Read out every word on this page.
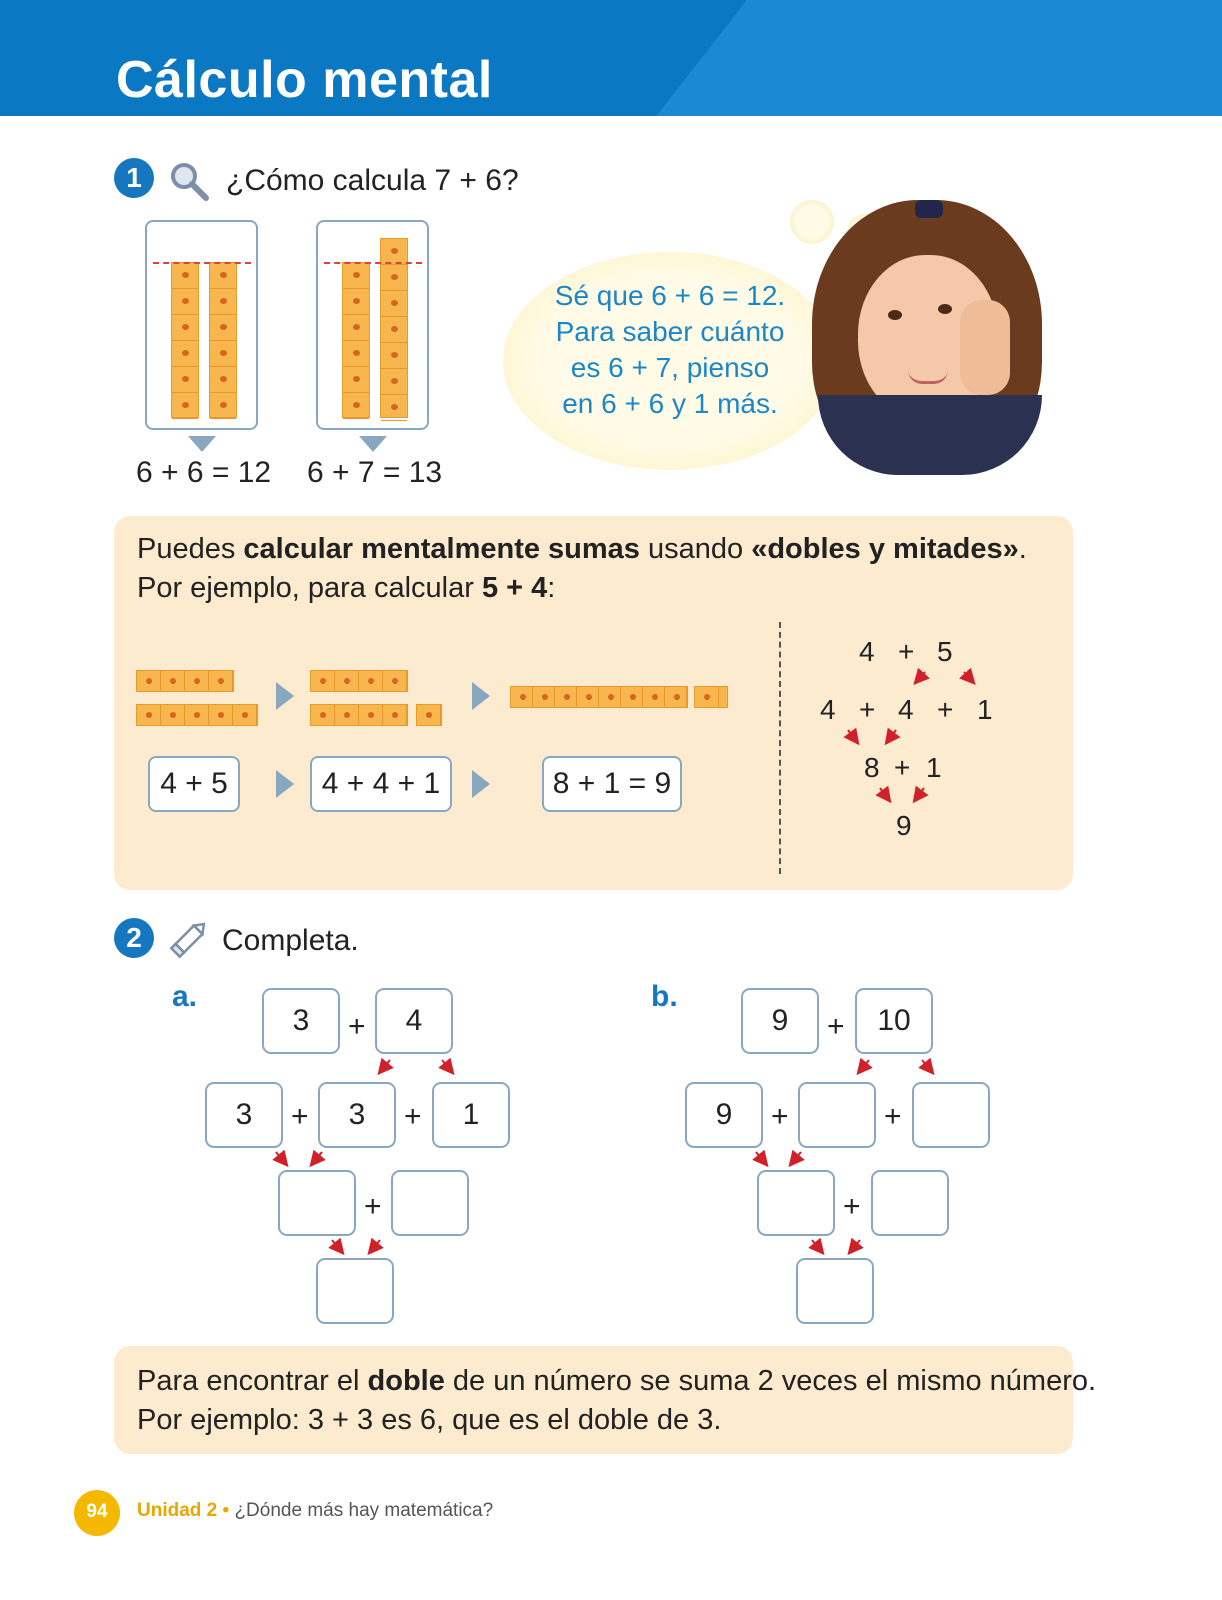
Cálculo mental
1	¿Cómo calcula 7 + 6?
6 + 6 = 12 6 + 7 = 13
Sé que 6 + 6 = 12.
Para saber cuánto
es 6 + 7, pienso
en 6 + 6 y 1 más.
Puedes calcular mentalmente sumas usando «dobles y mitades».
Por ejemplo, para calcular 5 + 4:
4 + 5	4 + 4 + 1	8 + 1 = 9
4 + 5
4 + 4 + 1
8 + 1
9
2	Completa.
a.
3	+	4
3	+	3	+	1
+
b.
9	+	10
9	+	+
+
Para encontrar el doble de un número se suma 2 veces el mismo número.
Por ejemplo: 3 + 3 es 6, que es el doble de 3.
94	Unidad 2 • ¿Dónde más hay matemática?
